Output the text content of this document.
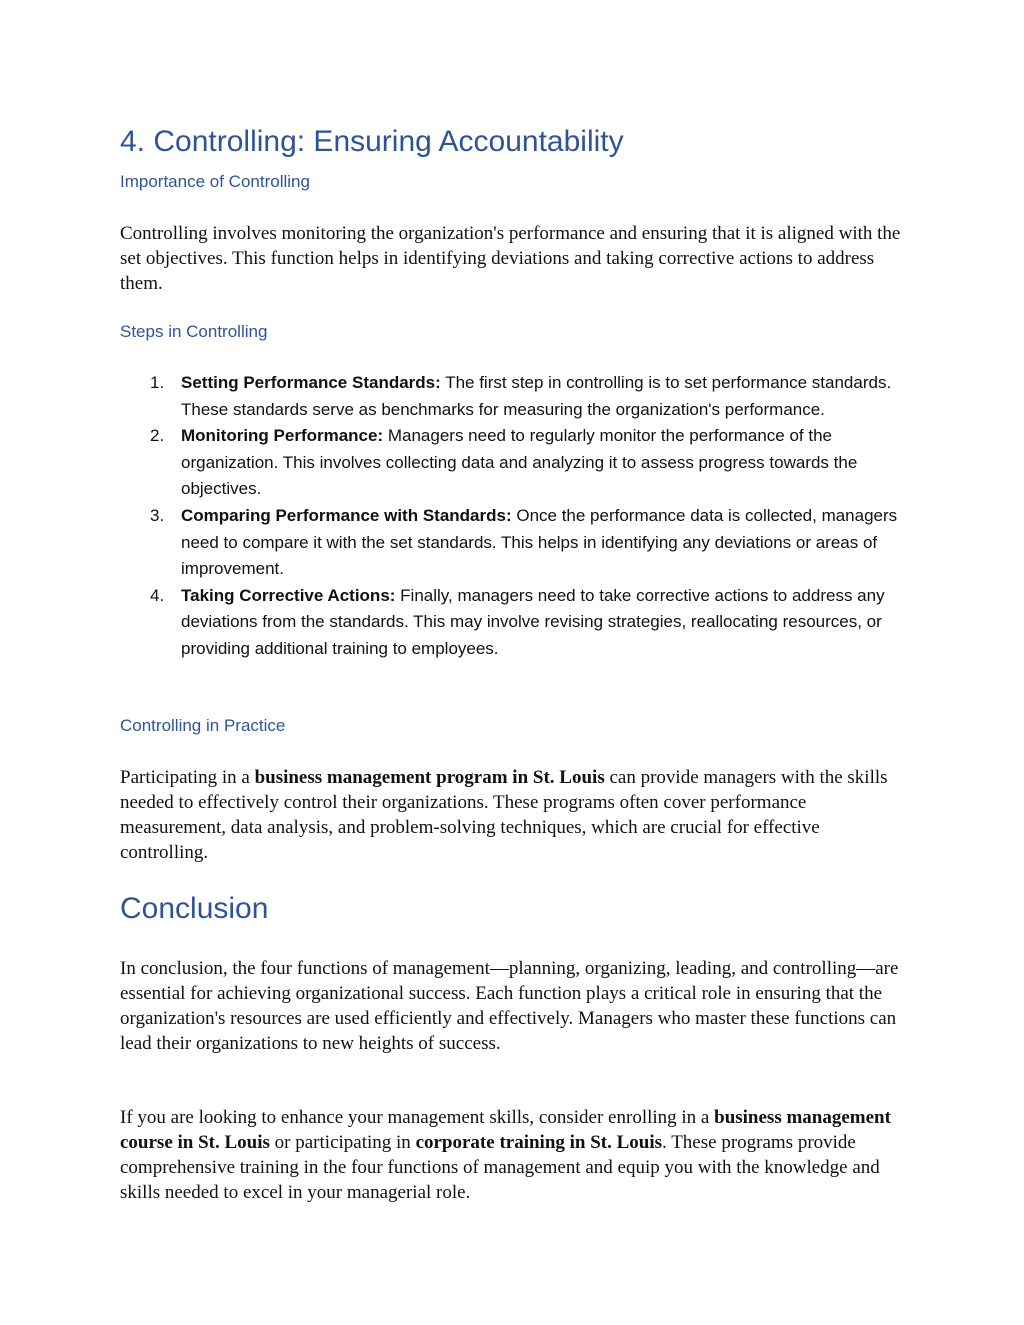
4. Controlling: Ensuring Accountability
Importance of Controlling

Controlling involves monitoring the organization's performance and ensuring that it is aligned with the set objectives. This function helps in identifying deviations and taking corrective actions to address them.

Steps in Controlling
1. Setting Performance Standards: The first step in controlling is to set performance standards. These standards serve as benchmarks for measuring the organization's performance.
2. Monitoring Performance: Managers need to regularly monitor the performance of the organization. This involves collecting data and analyzing it to assess progress towards the objectives.
3. Comparing Performance with Standards: Once the performance data is collected, managers need to compare it with the set standards. This helps in identifying any deviations or areas of improvement.
4. Taking Corrective Actions: Finally, managers need to take corrective actions to address any deviations from the standards. This may involve revising strategies, reallocating resources, or providing additional training to employees.
Controlling in Practice

Participating in a business management program in St. Louis can provide managers with the skills needed to effectively control their organizations. These programs often cover performance measurement, data analysis, and problem-solving techniques, which are crucial for effective controlling.

Conclusion

In conclusion, the four functions of management—planning, organizing, leading, and controlling—are essential for achieving organizational success. Each function plays a critical role in ensuring that the organization's resources are used efficiently and effectively. Managers who master these functions can lead their organizations to new heights of success.

If you are looking to enhance your management skills, consider enrolling in a business management course in St. Louis or participating in corporate training in St. Louis. These programs provide comprehensive training in the four functions of management and equip you with the knowledge and skills needed to excel in your managerial role.
